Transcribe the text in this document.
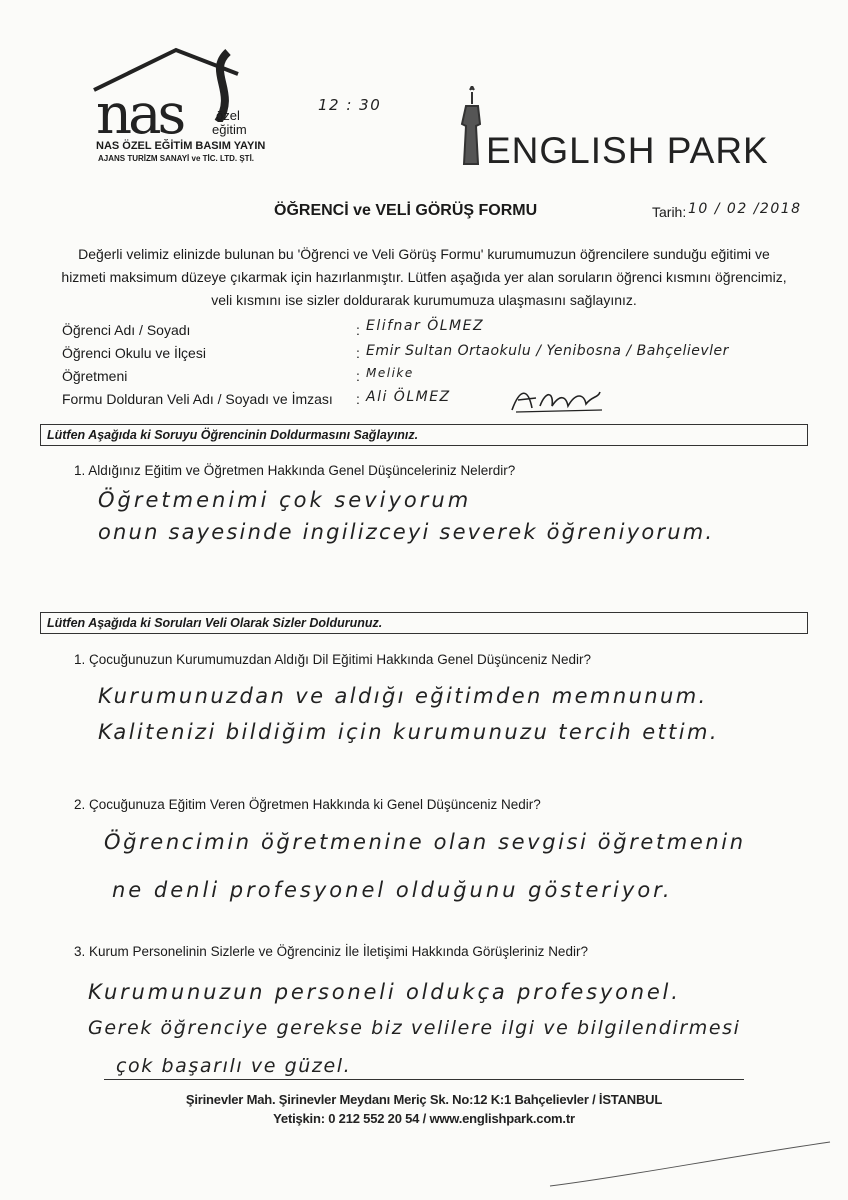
nas	özel
eğitim
NAS ÖZEL EĞİTİM BASIM YAYIN
AJANS TURİZM SANAYİ ve TİC. LTD. ŞTİ.
12 : 30
ENGLISH PARK
ÖĞRENCİ ve VELİ GÖRÜŞ FORMU	Tarih: 10 / 02 /2018
Değerli velimiz elinizde bulunan bu 'Öğrenci ve Veli Görüş Formu' kurumumuzun öğrencilere sunduğu eğitimi ve
hizmeti maksimum düzeye çıkarmak için hazırlanmıştır. Lütfen aşağıda yer alan soruların öğrenci kısmını öğrencimiz,
veli kısmını ise sizler doldurarak kurumumuza ulaşmasını sağlayınız.
Öğrenci Adı / Soyadı	: Elifnar ÖLMEZ
Öğrenci Okulu ve İlçesi	: Emir Sultan Ortaokulu / Yenibosna / Bahçelievler
Öğretmeni	: Melike
Formu Dolduran Veli Adı / Soyadı ve İmzası : Ali ÖLMEZ
Lütfen Aşağıda ki Soruyu Öğrencinin Doldurmasını Sağlayınız.
1. Aldığınız Eğitim ve Öğretmen Hakkında Genel Düşünceleriniz Nelerdir?
Öğretmenimi çok seviyorum
onun sayesinde ingilizceyi severek öğreniyorum.
Lütfen Aşağıda ki Soruları Veli Olarak Sizler Doldurunuz.
1. Çocuğunuzun Kurumumuzdan Aldığı Dil Eğitimi Hakkında Genel Düşünceniz Nedir?
Kurumunuzdan ve aldığı eğitimden memnunum.
Kalitenizi bildiğim için kurumunuzu tercih ettim.
2. Çocuğunuza Eğitim Veren Öğretmen Hakkında ki Genel Düşünceniz Nedir?
Öğrencimin öğretmenine olan sevgisi öğretmenin
ne denli profesyonel olduğunu gösteriyor.
3. Kurum Personelinin Sizlerle ve Öğrenciniz İle İletişimi Hakkında Görüşleriniz Nedir?
Kurumunuzun personeli oldukça profesyonel.
Gerek öğrenciye gerekse biz velilere ilgi ve bilgilendirmesi
çok başarılı ve güzel.
Şirinevler Mah. Şirinevler Meydanı Meriç Sk. No:12 K:1 Bahçelievler / İSTANBUL
Yetişkin: 0 212 552 20 54 / www.englishpark.com.tr
